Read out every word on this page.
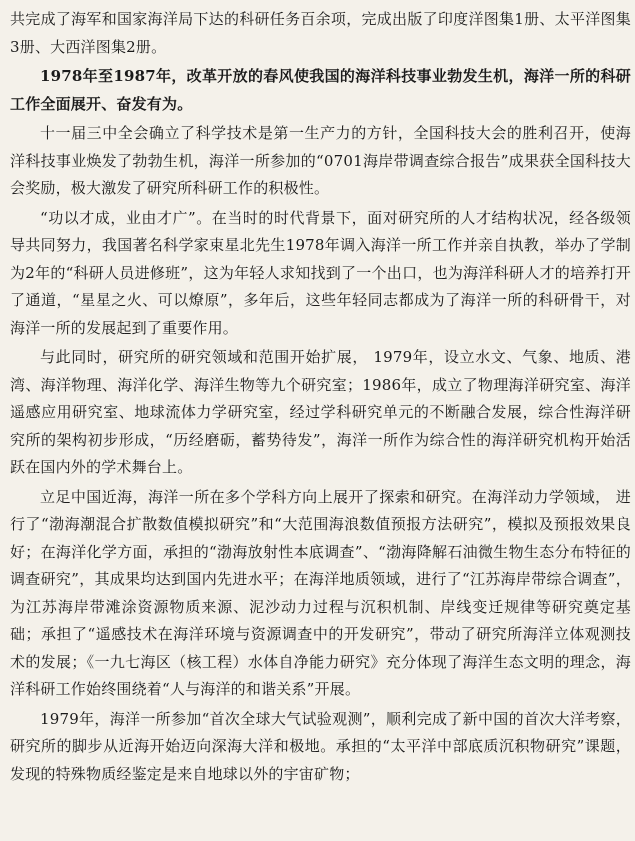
共完成了海军和国家海洋局下达的科研任务百余项，完成出版了印度洋图集1册、太平洋图集3册、大西洋图集2册。

1978年至1987年，改革开放的春风使我国的海洋科技事业勃发生机，海洋一所的科研工作全面展开、奋发有为。

十一届三中全会确立了科学技术是第一生产力的方针，全国科技大会的胜利召开，使海洋科技事业焕发了勃勃生机，海洋一所参加的“0701海岸带调查综合报告”成果获全国科技大会奖励，极大激发了研究所科研工作的积极性。

“功以才成，业由才广”。在当时的时代背景下，面对研究所的人才结构状况，经各级领导共同努力，我国著名科学家束星北先生1978年调入海洋一所工作并亲自执教，举办了学制为2年的“科研人员进修班”，这为年轻人求知找到了一个出口，也为海洋科研人才的培养打开了通道，“星星之火、可以燎原”，多年后，这些年轻同志都成为了海洋一所的科研骨干，对海洋一所的发展起到了重要作用。

与此同时，研究所的研究领域和范围开始扩展， 1979年，设立水文、气象、地质、港湾、海洋物理、海洋化学、海洋生物等九个研究室；1986年，成立了物理海洋研究室、海洋遥感应用研究室、地球流体力学研究室，经过学科研究单元的不断融合发展，综合性海洋研究所的架构初步形成，“历经磨砺，蓄势待发”，海洋一所作为综合性的海洋研究机构开始活跃在国内外的学术舞台上。

立足中国近海，海洋一所在多个学科方向上展开了探索和研究。在海洋动力学领域， 进行了“渤海潮混合扩散数值模拟研究”和“大范围海浪数值预报方法研究”，模拟及预报效果良好；在海洋化学方面，承担的“渤海放射性本底调查”、“渤海降解石油微生物生态分布特征的调查研究”，其成果均达到国内先进水平；在海洋地质领域，进行了“江苏海岸带综合调查”，为江苏海岸带滩涂资源物质来源、泥沙动力过程与沉积机制、岸线变迁规律等研究奠定基础；承担了“遥感技术在海洋环境与资源调查中的开发研究”，带动了研究所海洋立体观测技术的发展；《一九七海区（核工程）水体自净能力研究》充分体现了海洋生态文明的理念，海洋科研工作始终围绕着“人与海洋的和谐关系”开展。

1979年，海洋一所参加“首次全球大气试验观测”，顺利完成了新中国的首次大洋考察，研究所的脚步从近海开始迈向深海大洋和极地。承担的“太平洋中部底质沉积物研究”课题，发现的特殊物质经鉴定是来自地球以外的宇宙矿物；
